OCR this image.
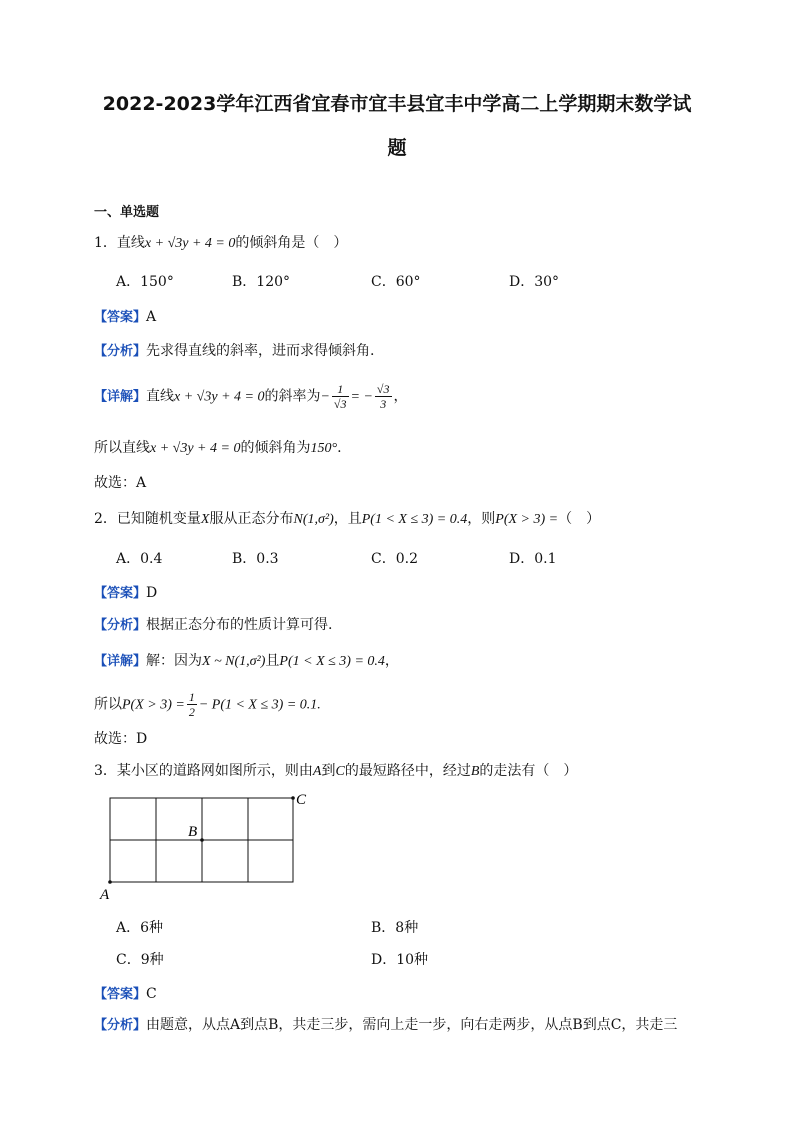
2022-2023学年江西省宜春市宜丰县宜丰中学高二上学期期末数学试
题
一、单选题
1．直线x + √3y + 4 = 0的倾斜角是（　）
A．150°	B．120°	C．60°	D．30°
【答案】A
【分析】先求得直线的斜率，进而求得倾斜角.
【详解】直线x + √3y + 4 = 0的斜率为− $\frac{1}{√3}$ = − $\frac{√3}{3}$ ，
所以直线x + √3y + 4 = 0的倾斜角为150°.
故选：A
2．已知随机变量X服从正态分布N(1,σ²)，且P(1 < X ≤ 3) = 0.4，则P(X > 3) =（　）
A．0.4	B．0.3	C．0.2	D．0.1
【答案】D
【分析】根据正态分布的性质计算可得.
【详解】解：因为X ~ N(1,σ²)且P(1 < X ≤ 3) = 0.4，
所以$P(X > 3) = \frac{1}{2} - P(1 < X \le 3) = 0.1$.
故选：D
3．某小区的道路网如图所示，则由A到C的最短路径中，经过B的走法有（　）
A
B
C
A．6种	B．8种
C．9种	D．10种
【答案】C
【分析】由题意，从点A到点B，共走三步，需向上走一步，向右走两步，从点B到点C，共走三
